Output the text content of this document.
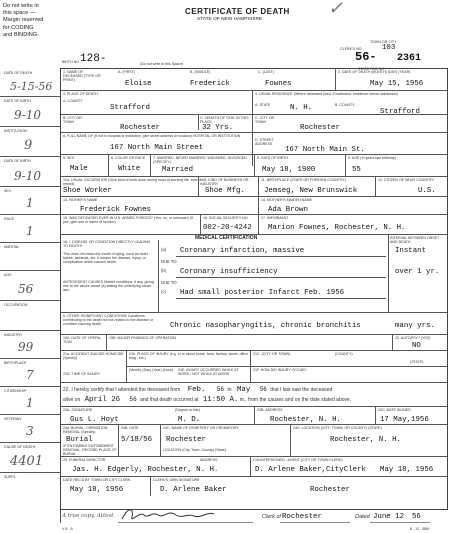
Do not write in
this space —
Margin reserved
for CODING
and BINDING.
CERTIFICATE OF DEATH
STATE OF NEW HAMPSHIRE
✓
TOWN OR CITY
CLERK'S NO.	103
BIRTH NO. 128-	(Do not write in this Space)	56- 2361
STATE FILE NO.
DATE OF DEATH
5-15-56
DATE OF BIRTH
9-10
INSTITUTION
9
DATE OF BIRTH
9-10
SEX
1
RACE
1
MARITAL
AGE
56
OCCUPATION
INDUSTRY
99
BIRTHPLACE
7
CITIZENSHIP
1
VETERAN
3
CAUSE OF DEATH
4401
SUPPL.
1. NAME OF DECEASED (TYPE OR PRINT)
A. (FIRST)	B. (MIDDLE)	C. (LAST)
Eloise	Frederick	Fownes
2. DATE OF DEATH (MONTH) (DAY) (YEAR)
May 15, 1956
3. PLACE OF DEATH	4. USUAL RESIDENCE (Where deceased lived. If institution: residence before admission)
A. COUNTY
Strafford	A. STATE	N. H.	B. COUNTY
Strafford
B. CITY OR TOWN
Rochester
C. LENGTH OF STAY IN THIS PLACE
32 Yrs.
C. CITY OR TOWN
Rochester
d. FULL NAME OF (If not in hospital or institution, give street address or location) HOSPITAL OR INSTITUTION
167 North Main Street
D. STREET ADDRESS
167 North Main St.
5. SEX
Male
6. COLOR OR RACE
White
7. MARRIED, NEVER MARRIED, WIDOWED, DIVORCED (SPECIFY)
Married
8. DATE OF BIRTH
May 18, 1900
9. AGE (In years last birthday)
55
10a. USUAL OCCUPATION (Give kind of work done during most of working life, even if retired)
Shoe Worker
10B. KIND OF BUSINESS OR INDUSTRY
Shoe Mfg.
11. BIRTHPLACE (STATE OR FOREIGN COUNTRY)
Jemseg, New Brunswick
12. CITIZEN OF WHAT COUNTRY
U.S.
13. FATHER'S NAME
Frederick Fownes
14. MOTHER'S MAIDEN NAME
Ada Brown
15. WAS DECEASED EVER IN U.S. ARMED FORCES? (Yes, no, or unknown) (If yes, give war or dates of service)
16. SOCIAL SECURITY NO.
002-20-4242
17. INFORMANT
Marion Fownes, Rochester, N. H.
MEDICAL CERTIFICATION
18. I. DISEASE OR CONDITION DIRECTLY LEADING TO DEATH*
INTERVAL BETWEEN ONSET AND DEATH
This does not mean the mode of dying, such as heart failure, asthenia, etc. It means the disease, injury, or complication which caused death.
ANTECEDENT CAUSES Morbid conditions, if any, giving rise to the above cause (a) stating the underlying cause last.
(a) Coronary infarction, massive	Instant
DUE TO
(b) Coronary insufficiency	over 1 yr.
DUE TO
(c) Had small posterior Infarct Feb. 1956
II. OTHER SIGNIFICANT CONDITIONS Conditions contributing to the death but not related to the disease or condition causing death.	Chronic nasopharyngitis, chronic bronchitis	many yrs.
19A. DATE OF OPERA-TION
19B. MAJOR FINDINGS OF OPERATION	20. AUTOPSY? (YES)
NO
21a. ACCIDENT SUICIDE HOMICIDE (Specify)
21b. PLACE OF INJURY (e.g. in or about home, farm, factory, street, office bldg., etc.)
21C. (CITY OR TOWN)	(COUNTY)
(STATE)
21D. TIME OF INJURY
(Month) (Day) (Year) (Hour) 21E. INJURY OCCURRED WHILE AT WORK / NOT WHILE AT WORK
21F. HOW DID INJURY OCCUR?
22. I hereby certify that I attended the deceased from Feb. 56 to May 56 that I last saw the deceased
alive on April 26 56 and that death occurred at 11:50 A. m., from the causes and on the date stated above.
23A. SIGNATURE
Gus L. Hoyt
(Degree or title)
M. D.
23B. ADDRESS
Rochester, N. H.
23C. DATE SIGNED
17 May,1956
24a. BURIAL, CREMATION, REMOVAL (Specify)
Burial
24B. DATE
5/18/56
24C. NAME OF CEMETERY OR CREMATORY
Rochester
24D. LOCATION (CITY, TOWN, OR COUNTY) (STATE)
Rochester, N. H.
IF ENTOMBED ENTOMBMENT REMOVAL, RECORD PLACE OF BURIAL
LOCATION (City, Town, County) (State)
25. FUNERAL DIRECTOR
Jas. H. Edgerly, Rochester, N. H.
ADDRESS	COUNTERSIGNED - AGENT (CITY OR TOWN CLERK)
D. Arlene Baker,CityClerk May 18, 1956
DATE REC'D BY TOWN OR CITY CLERK
May 18, 1956
CLERK'S OWN SIGNATURE
D. Arlene Baker	Rochester
A true copy, Attest	Clerk of Rochester	Dated June 12 56
V 8 - 8	8 - 12 - 58M
